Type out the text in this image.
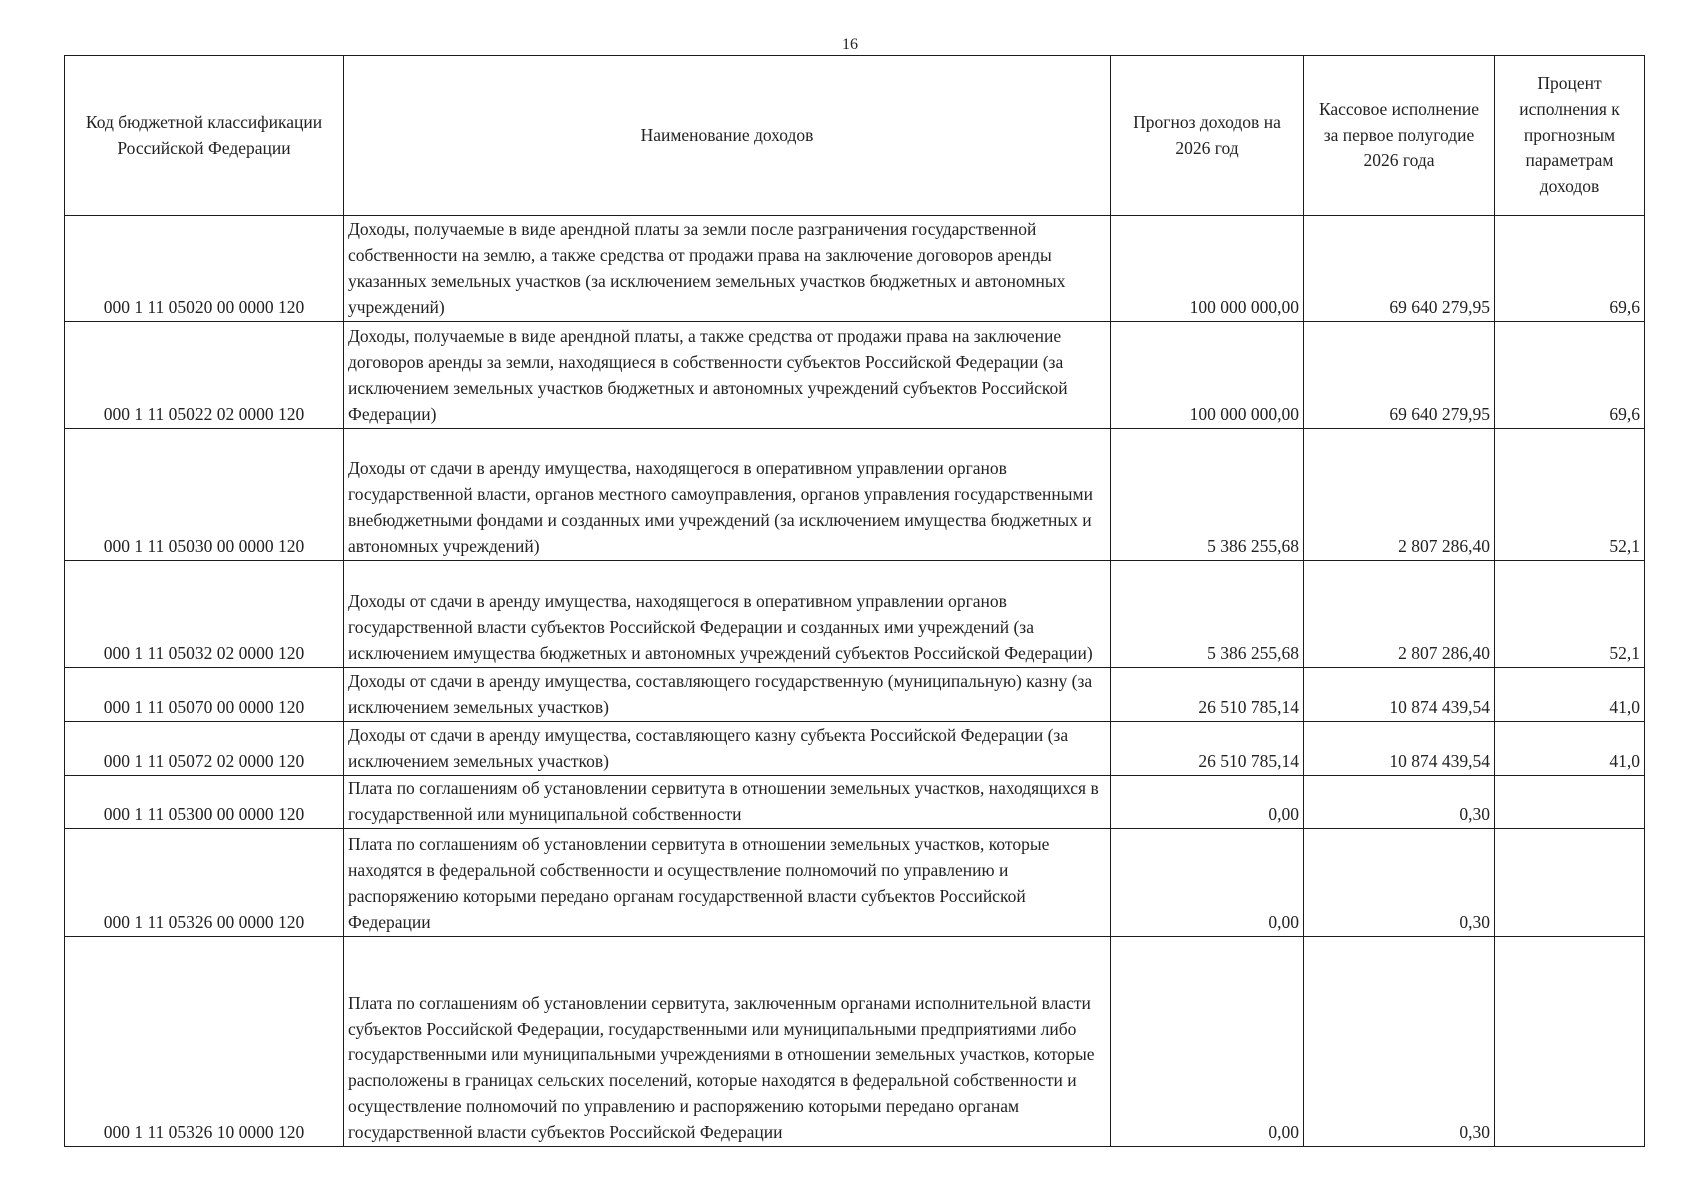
16
Код бюджетной классификации Российской Федерации	Наименование доходов	Прогноз доходов на 2026 год	Кассовое исполнение за первое полугодие 2026 года	Процент исполнения к прогнозным параметрам доходов
000 1 11 05020 00 0000 120	Доходы, получаемые в виде арендной платы за земли после разграничения государственной собственности на землю, а также средства от продажи права на заключение договоров аренды указанных земельных участков (за исключением земельных участков бюджетных и автономных учреждений)	100 000 000,00	69 640 279,95	69,6
000 1 11 05022 02 0000 120	Доходы, получаемые в виде арендной платы, а также средства от продажи права на заключение договоров аренды за земли, находящиеся в собственности субъектов Российской Федерации (за исключением земельных участков бюджетных и автономных учреждений субъектов Российской Федерации)	100 000 000,00	69 640 279,95	69,6
000 1 11 05030 00 0000 120	Доходы от сдачи в аренду имущества, находящегося в оперативном управлении органов государственной власти, органов местного самоуправления, органов управления государственными внебюджетными фондами и созданных ими учреждений (за исключением имущества бюджетных и автономных учреждений)	5 386 255,68	2 807 286,40	52,1
000 1 11 05032 02 0000 120	Доходы от сдачи в аренду имущества, находящегося в оперативном управлении органов государственной власти субъектов Российской Федерации и созданных ими учреждений (за исключением имущества бюджетных и автономных учреждений субъектов Российской Федерации)	5 386 255,68	2 807 286,40	52,1
000 1 11 05070 00 0000 120	Доходы от сдачи в аренду имущества, составляющего государственную (муниципальную) казну (за исключением земельных участков)	26 510 785,14	10 874 439,54	41,0
000 1 11 05072 02 0000 120	Доходы от сдачи в аренду имущества, составляющего казну субъекта Российской Федерации (за исключением земельных участков)	26 510 785,14	10 874 439,54	41,0
000 1 11 05300 00 0000 120	Плата по соглашениям об установлении сервитута в отношении земельных участков, находящихся в государственной или муниципальной собственности	0,00	0,30	
000 1 11 05326 00 0000 120	Плата по соглашениям об установлении сервитута в отношении земельных участков, которые находятся в федеральной собственности и осуществление полномочий по управлению и распоряжению которыми передано органам государственной власти субъектов Российской Федерации	0,00	0,30	
000 1 11 05326 10 0000 120	Плата по соглашениям об установлении сервитута, заключенным органами исполнительной власти субъектов Российской Федерации, государственными или муниципальными предприятиями либо государственными или муниципальными учреждениями в отношении земельных участков, которые расположены в границах сельских поселений, которые находятся в федеральной собственности и осуществление полномочий по управлению и распоряжению которыми передано органам государственной власти субъектов Российской Федерации	0,00	0,30	
